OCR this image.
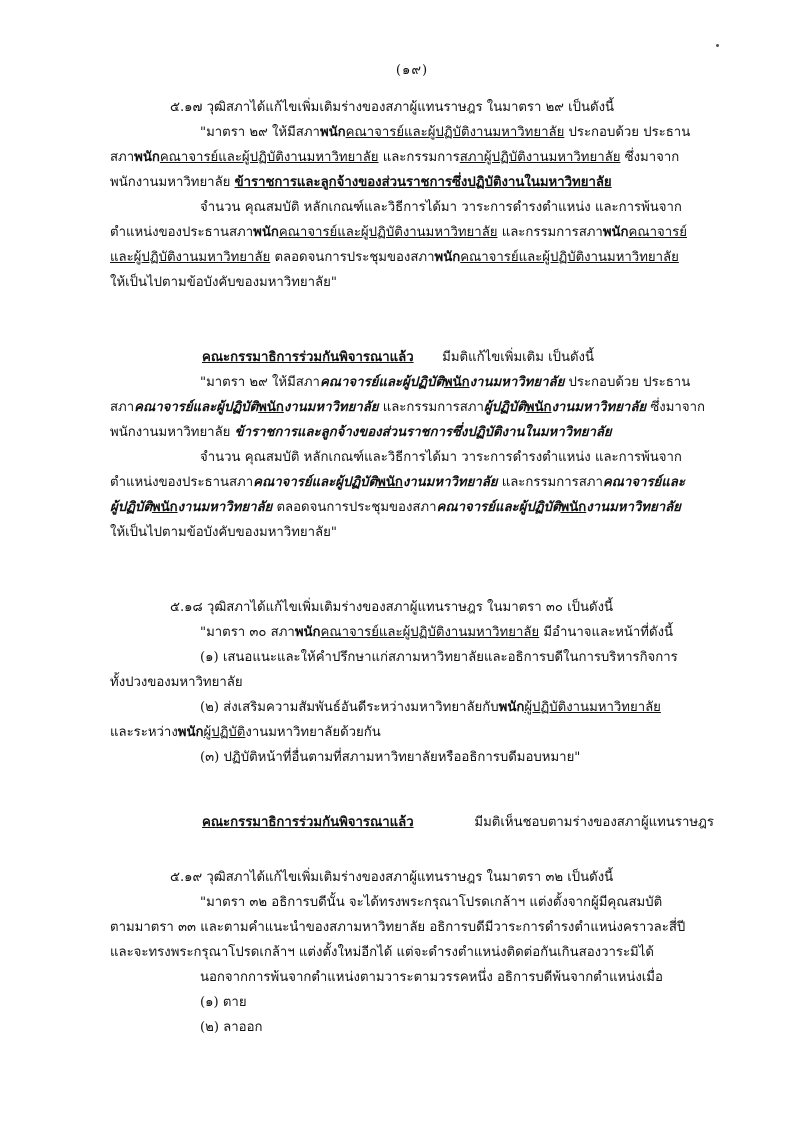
(๑๙)

๕.๑๗ วุฒิสภาได้แก้ไขเพิ่มเติมร่างของสภาผู้แทนราษฎร ในมาตรา ๒๙ เป็นดังนี้

"มาตรา ๒๙ ให้มีสภาพนักคณาจารย์และผู้ปฏิบัติงานมหาวิทยาลัย ประกอบด้วย ประธาน

สภาพนักคณาจารย์และผู้ปฏิบัติงานมหาวิทยาลัย และกรรมการสภาผู้ปฏิบัติงานมหาวิทยาลัย ซึ่งมาจาก

พนักงานมหาวิทยาลัย ข้าราชการและลูกจ้างของส่วนราชการซึ่งปฏิบัติงานในมหาวิทยาลัย

จำนวน คุณสมบัติ หลักเกณฑ์และวิธีการได้มา วาระการดำรงตำแหน่ง และการพ้นจาก

ตำแหน่งของประธานสภาพนักคณาจารย์และผู้ปฏิบัติงานมหาวิทยาลัย และกรรมการสภาพนักคณาจารย์

และผู้ปฏิบัติงานมหาวิทยาลัย ตลอดจนการประชุมของสภาพนักคณาจารย์และผู้ปฏิบัติงานมหาวิทยาลัย

ให้เป็นไปตามข้อบังคับของมหาวิทยาลัย"

คณะกรรมาธิการร่วมกันพิจารณาแล้ว มีมติแก้ไขเพิ่มเติม เป็นดังนี้

"มาตรา ๒๙ ให้มีสภาคณาจารย์และผู้ปฏิบัติพนักงานมหาวิทยาลัย ประกอบด้วย ประธาน

สภาคณาจารย์และผู้ปฏิบัติพนักงานมหาวิทยาลัย และกรรมการสภาผู้ปฏิบัติพนักงานมหาวิทยาลัย ซึ่งมาจาก

พนักงานมหาวิทยาลัย ข้าราชการและลูกจ้างของส่วนราชการซึ่งปฏิบัติงานในมหาวิทยาลัย

จำนวน คุณสมบัติ หลักเกณฑ์และวิธีการได้มา วาระการดำรงตำแหน่ง และการพ้นจาก

ตำแหน่งของประธานสภาคณาจารย์และผู้ปฏิบัติพนักงานมหาวิทยาลัย และกรรมการสภาคณาจารย์และ

ผู้ปฏิบัติพนักงานมหาวิทยาลัย ตลอดจนการประชุมของสภาคณาจารย์และผู้ปฏิบัติพนักงานมหาวิทยาลัย

ให้เป็นไปตามข้อบังคับของมหาวิทยาลัย"

๕.๑๘ วุฒิสภาได้แก้ไขเพิ่มเติมร่างของสภาผู้แทนราษฎร ในมาตรา ๓๐ เป็นดังนี้

"มาตรา ๓๐ สภาพนักคณาจารย์และผู้ปฏิบัติงานมหาวิทยาลัย มีอำนาจและหน้าที่ดังนี้

(๑) เสนอแนะและให้คำปรึกษาแก่สภามหาวิทยาลัยและอธิการบดีในการบริหารกิจการ

ทั้งปวงของมหาวิทยาลัย

(๒) ส่งเสริมความสัมพันธ์อันดีระหว่างมหาวิทยาลัยกับพนักผู้ปฏิบัติงานมหาวิทยาลัย

และระหว่างพนักผู้ปฏิบัติงานมหาวิทยาลัยด้วยกัน

(๓) ปฏิบัติหน้าที่อื่นตามที่สภามหาวิทยาลัยหรืออธิการบดีมอบหมาย"

คณะกรรมาธิการร่วมกันพิจารณาแล้ว	มีมติเห็นชอบตามร่างของสภาผู้แทนราษฎร

๕.๑๙ วุฒิสภาได้แก้ไขเพิ่มเติมร่างของสภาผู้แทนราษฎร ในมาตรา ๓๒ เป็นดังนี้

"มาตรา ๓๒ อธิการบดีนั้น จะได้ทรงพระกรุณาโปรดเกล้าฯ แต่งตั้งจากผู้มีคุณสมบัติ

ตามมาตรา ๓๓ และตามคำแนะนำของสภามหาวิทยาลัย อธิการบดีมีวาระการดำรงตำแหน่งคราวละสี่ปี

และจะทรงพระกรุณาโปรดเกล้าฯ แต่งตั้งใหม่อีกได้ แต่จะดำรงตำแหน่งติดต่อกันเกินสองวาระมิได้

นอกจากการพ้นจากตำแหน่งตามวาระตามวรรคหนึ่ง อธิการบดีพ้นจากตำแหน่งเมื่อ

(๑) ตาย

(๒) ลาออก
